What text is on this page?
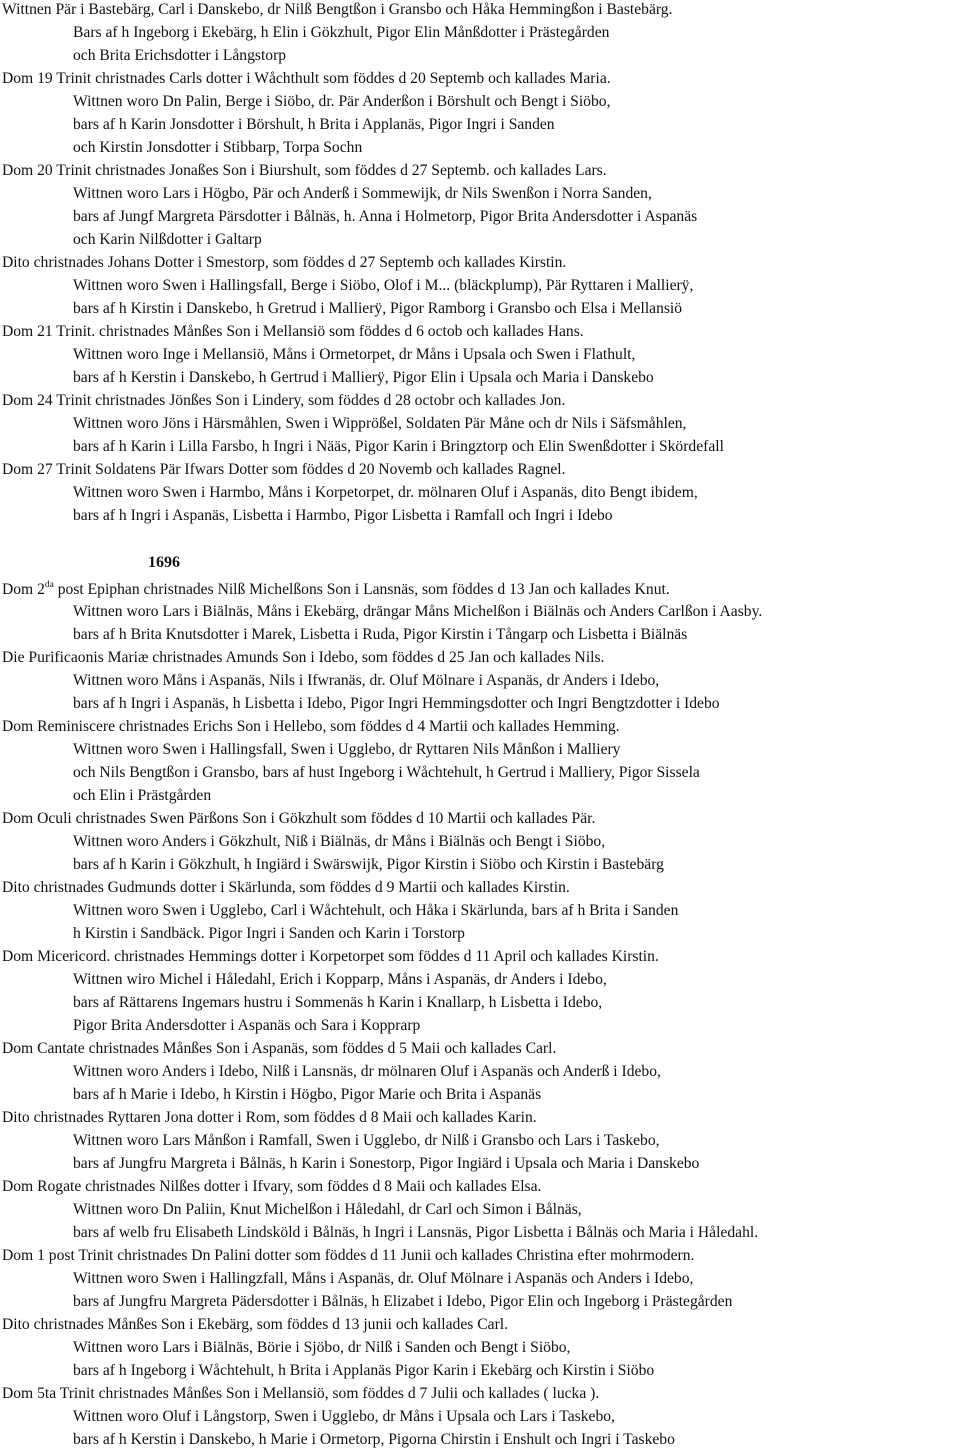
Wittnen Pär i Bastebärg, Carl i Danskebo, dr Nilß Bengtßon i Gransbo och Håka Hemmingßon i Bastebärg.
Bars af h Ingeborg i Ekebärg, h Elin i Gökzhult, Pigor Elin Månßdotter i Prästegården
och Brita Erichsdotter i Långstorp
Dom 19 Trinit christnades Carls dotter i Wåchthult som föddes d 20 Septemb och kallades Maria.
Wittnen woro Dn Palin, Berge i Siöbo, dr. Pär Anderßon i Börshult och Bengt i Siöbo,
bars af h Karin Jonsdotter i Börshult, h Brita i Applanäs, Pigor Ingri i Sanden
och Kirstin Jonsdotter i Stibbarp, Torpa Sochn
Dom 20 Trinit christnades Jonaßes Son i Biurshult, som föddes d 27 Septemb. och kallades Lars.
Wittnen woro Lars i Högbo, Pär och Anderß i Sommewijk, dr Nils Swenßon i Norra Sanden,
bars af Jungf Margreta Pärsdotter i Bålnäs, h. Anna i Holmetorp, Pigor Brita Andersdotter i Aspanäs
och Karin Nilßdotter i Galtarp
Dito christnades Johans Dotter i Smestorp, som föddes d 27 Septemb och kallades Kirstin.
Wittnen woro Swen i Hallingsfall, Berge i Siöbo, Olof i M... (bläckplump), Pär Ryttaren i Mallierÿ,
bars af h Kirstin i Danskebo, h Gretrud i Mallierÿ, Pigor Ramborg i Gransbo och Elsa i Mellansiö
Dom 21 Trinit. christnades Månßes Son i Mellansiö som föddes d 6 octob och kallades Hans.
Wittnen woro Inge i Mellansiö, Måns i Ormetorpet, dr Måns i Upsala och Swen i Flathult,
bars af h Kerstin i Danskebo, h Gertrud i Mallierÿ, Pigor Elin i Upsala och Maria i Danskebo
Dom 24 Trinit christnades Jönßes Son i Lindery, som föddes d 28 octobr och kallades Jon.
Wittnen woro Jöns i Härsmåhlen, Swen i Wipprößel, Soldaten Pär Måne och dr Nils i Säfsmåhlen,
bars af h Karin i Lilla Farsbo, h Ingri i Nääs, Pigor Karin i Bringztorp och Elin Swenßdotter i Skördefall
Dom 27 Trinit Soldatens Pär Ifwars Dotter som föddes d 20 Novemb och kallades Ragnel.
Wittnen woro Swen i Harmbo, Måns i Korpetorpet, dr. mölnaren Oluf i Aspanäs, dito Bengt ibidem,
bars af h Ingri i Aspanäs, Lisbetta i Harmbo, Pigor Lisbetta i Ramfall och Ingri i Idebo
1696
Dom $2^{da}$ post Epiphan christnades Nilß Michelßons Son i Lansnäs, som föddes d 13 Jan och kallades Knut.
Wittnen woro Lars i Biälnäs, Måns i Ekebärg, drängar Måns Michelßon i Biälnäs och Anders Carlßon i Aasby.
bars af h Brita Knutsdotter i Marek, Lisbetta i Ruda, Pigor Kirstin i Tångarp och Lisbetta i Biälnäs
Die Purificaonis Mariæ christnades Amunds Son i Idebo, som föddes d 25 Jan och kallades Nils.
Wittnen woro Måns i Aspanäs, Nils i Ifwranäs, dr. Oluf Mölnare i Aspanäs, dr Anders i Idebo,
bars af h Ingri i Aspanäs, h Lisbetta i Idebo, Pigor Ingri Hemmingsdotter och Ingri Bengtzdotter i Idebo
Dom Reminiscere christnades Erichs Son i Hellebo, som föddes d 4 Martii och kallades Hemming.
Wittnen woro Swen i Hallingsfall, Swen i Ugglebo, dr Ryttaren Nils Månßon i Malliery
och Nils Bengtßon i Gransbo, bars af hust Ingeborg i Wåchtehult, h Gertrud i Malliery, Pigor Sissela
och Elin i Prästgården
Dom Oculi christnades Swen Pärßons Son i Gökzhult som föddes d 10 Martii och kallades Pär.
Wittnen woro Anders i Gökzhult, Niß i Biälnäs, dr Måns i Biälnäs och Bengt i Siöbo,
bars af h Karin i Gökzhult, h Ingiärd i Swärswijk, Pigor Kirstin i Siöbo och Kirstin i Bastebärg
Dito christnades Gudmunds dotter i Skärlunda, som föddes d 9 Martii och kallades Kirstin.
Wittnen woro Swen i Ugglebo, Carl i Wåchtehult, och Håka i Skärlunda, bars af h Brita i Sanden
h Kirstin i Sandbäck. Pigor Ingri i Sanden och Karin i Torstorp
Dom Micericord. christnades Hemmings dotter i Korpetorpet som föddes d 11 April och kallades Kirstin.
Wittnen wiro Michel i Håledahl, Erich i Kopparp, Måns i Aspanäs, dr Anders i Idebo,
bars af Rättarens Ingemars hustru i Sommenäs h Karin i Knallarp, h Lisbetta i Idebo,
Pigor Brita Andersdotter i Aspanäs och Sara i Kopprarp
Dom Cantate christnades Månßes Son i Aspanäs, som föddes d 5 Maii och kallades Carl.
Wittnen woro Anders i Idebo, Nilß i Lansnäs, dr mölnaren Oluf i Aspanäs och Anderß i Idebo,
bars af h Marie i Idebo, h Kirstin i Högbo, Pigor Marie och Brita i Aspanäs
Dito christnades Ryttaren Jona dotter i Rom, som föddes d 8 Maii och kallades Karin.
Wittnen woro Lars Månßon i Ramfall, Swen i Ugglebo, dr Nilß i Gransbo och Lars i Taskebo,
bars af Jungfru Margreta i Bålnäs, h Karin i Sonestorp, Pigor Ingiärd i Upsala och Maria i Danskebo
Dom Rogate christnades Nilßes dotter i Ifvary, som föddes d 8 Maii och kallades Elsa.
Wittnen woro Dn Paliin, Knut Michelßon i Håledahl, dr Carl och Simon i Bålnäs,
bars af welb fru Elisabeth Lindsköld i Bålnäs, h Ingri i Lansnäs, Pigor Lisbetta i Bålnäs och Maria i Håledahl.
Dom 1 post Trinit christnades Dn Palini dotter som föddes d 11 Junii och kallades Christina efter mohrmodern.
Wittnen woro Swen i Hallingzfall, Måns i Aspanäs, dr. Oluf Mölnare i Aspanäs och Anders i Idebo,
bars af Jungfru Margreta Pädersdotter i Bålnäs, h Elizabet i Idebo, Pigor Elin och Ingeborg i Prästegården
Dito christnades Månßes Son i Ekebärg, som föddes d 13 junii och kallades Carl.
Wittnen woro Lars i Biälnäs, Börie i Sjöbo, dr Nilß i Sanden och Bengt i Siöbo,
bars af h Ingeborg i Wåchtehult, h Brita i Applanäs Pigor Karin i Ekebärg och Kirstin i Siöbo
Dom 5ta Trinit christnades Månßes Son i Mellansiö, som föddes d 7 Julii och kallades ( lucka ).
Wittnen woro Oluf i Långstorp, Swen i Ugglebo, dr Måns i Upsala och Lars i Taskebo,
bars af h Kerstin i Danskebo, h Marie i Ormetorp, Pigorna Chirstin i Enshult och Ingri i Taskebo
